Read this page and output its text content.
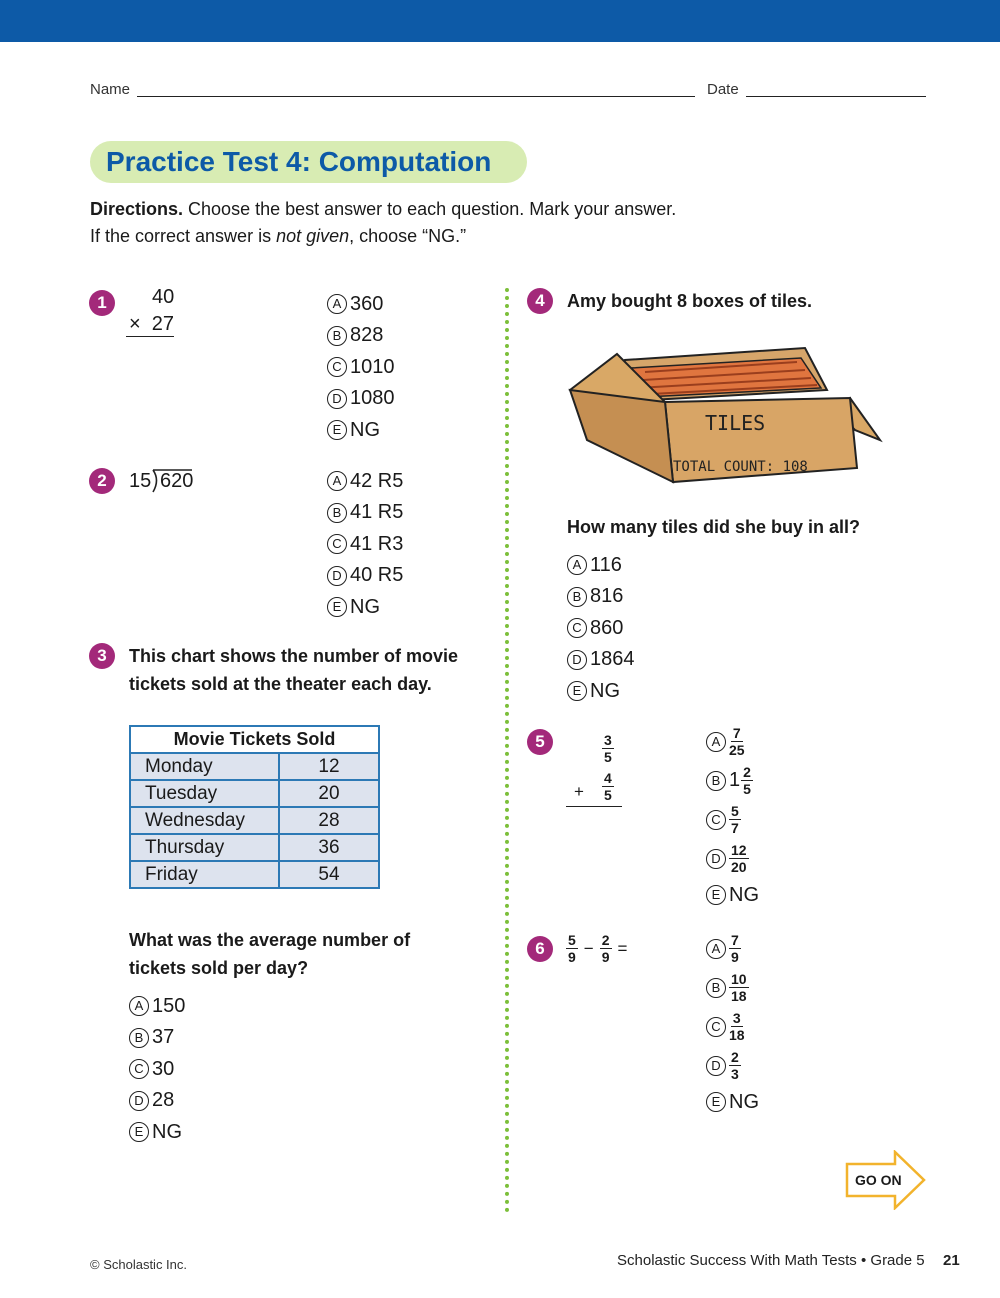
Name	Date
Practice Test 4: Computation
Directions. Choose the best answer to each question. Mark your answer.
If the correct answer is not given, choose “NG.”
1	40
×  27
A 360
B 828
C 1010
D 1080
E NG
2	15 620	A 42 R5
B 41 R5
C 41 R3
D 40 R5
E NG
3	This chart shows the number of movie
tickets sold at the theater each day.
Movie Tickets Sold	
Monday	12
Tuesday	20
Wednesday	28
Thursday	36
Friday	54
What was the average number of
tickets sold per day?
A 150
B 37
C 30
D 28
E NG
4	Amy bought 8 boxes of tiles.
TILES
TOTAL COUNT: 108
How many tiles did she buy in all?
A 116
B 816
C 860
D 1864
E NG
5	$\frac{3}{5}$
+ $\frac{4}{5}$
A $\frac{7}{25}$
B $1 \frac{2}{5}$
C $\frac{5}{7}$
D $\frac{12}{20}$
E NG
6	$\frac{5}{9} - \frac{2}{9}$ =	A $\frac{7}{9}$
B $\frac{10}{18}$
C $\frac{3}{18}$
D $\frac{2}{3}$
E NG
GO ON
© Scholastic Inc.	Scholastic Success With Math Tests • Grade 5 21
